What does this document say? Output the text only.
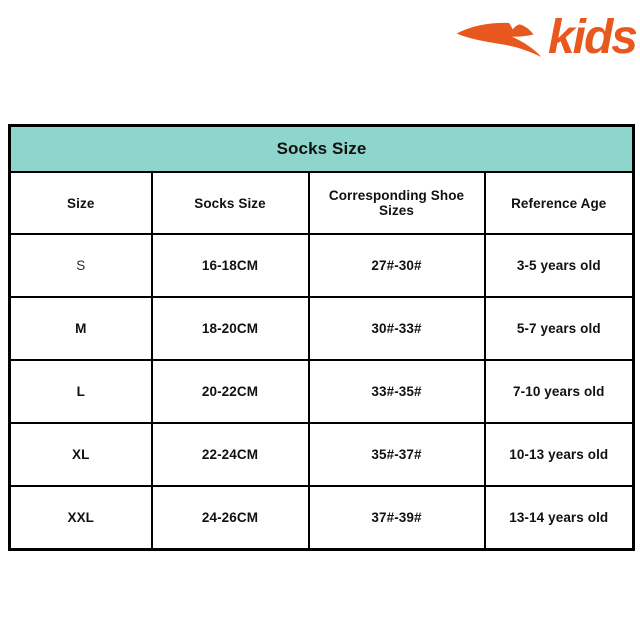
kids
Socks Size			
Size	Socks Size	Corresponding Shoe Sizes	Reference Age
S	16-18CM	27#-30#	3-5 years old
M	18-20CM	30#-33#	5-7 years old
L	20-22CM	33#-35#	7-10 years old
XL	22-24CM	35#-37#	10-13 years old
XXL	24-26CM	37#-39#	13-14 years old
